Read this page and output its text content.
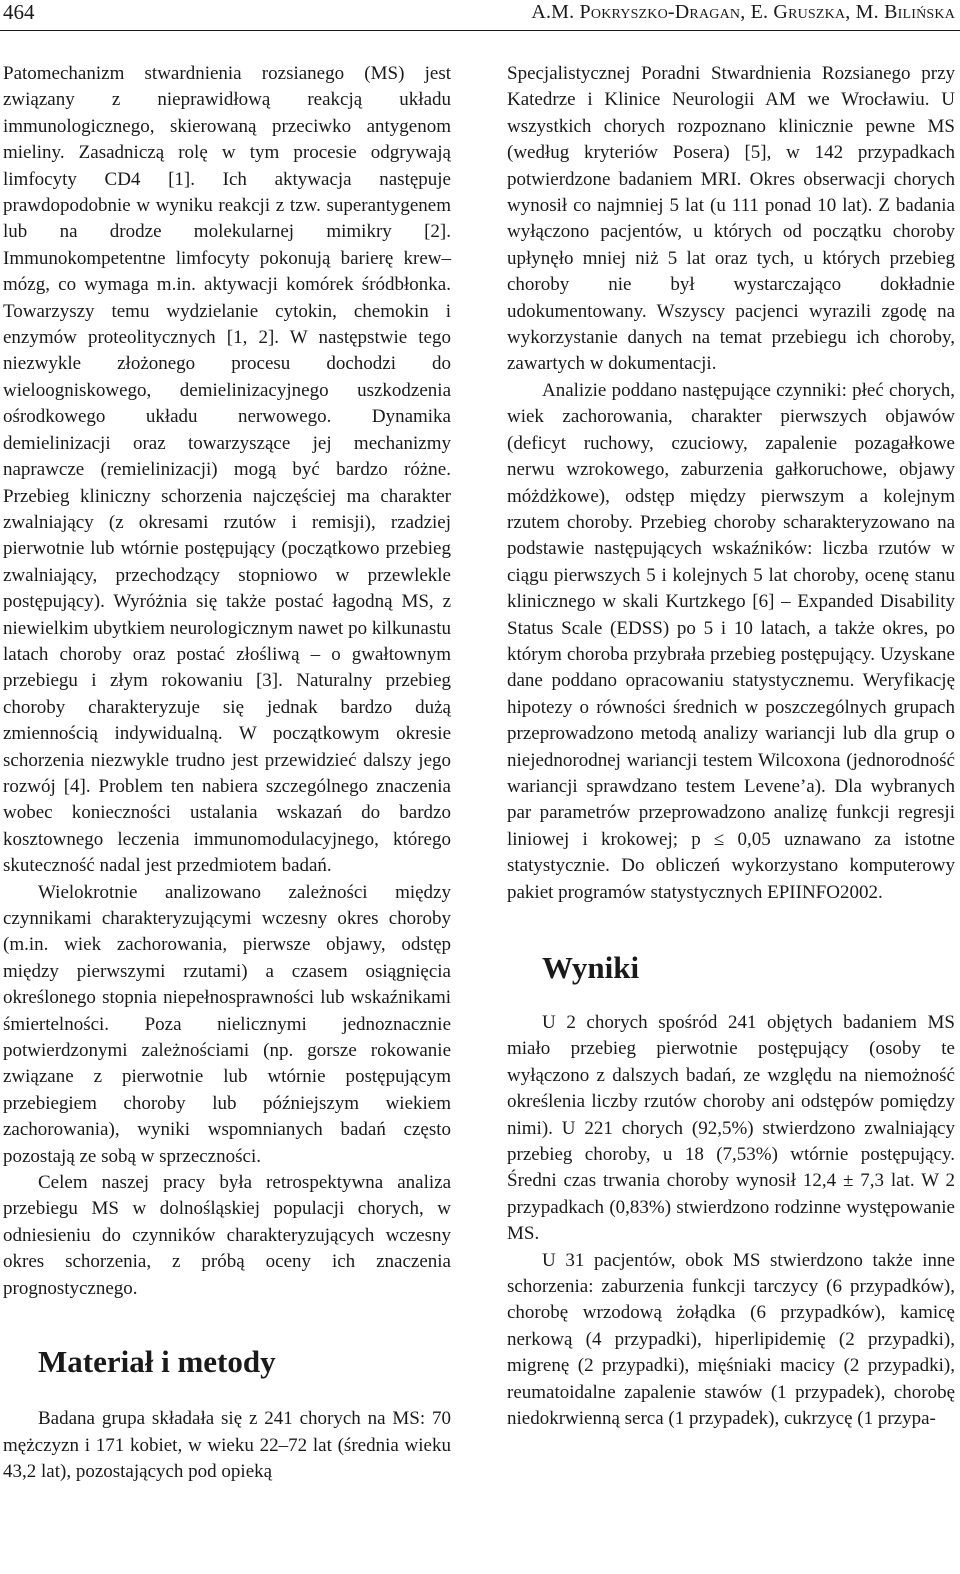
464	A.M. Pokryszko-Dragan, E. Gruszka, M. Bilińska

Patomechanizm stwardnienia rozsianego (MS) jest związany z nieprawidłową reakcją układu immunologicznego, skierowaną przeciwko antygenom mieliny. Zasadniczą rolę w tym procesie odgrywają limfocyty CD4 [1]. Ich aktywacja następuje prawdopodobnie w wyniku reakcji z tzw. superantygenem lub na drodze molekularnej mimikry [2]. Immunokompetentne limfocyty pokonują barierę krew–mózg, co wymaga m.in. aktywacji komórek śródbłonka. Towarzyszy temu wydzielanie cytokin, chemokin i enzymów proteolitycznych [1, 2]. W następstwie tego niezwykle złożonego procesu dochodzi do wieloogniskowego, demielinizacyjnego uszkodzenia ośrodkowego układu nerwowego. Dynamika demielinizacji oraz towarzyszące jej mechanizmy naprawcze (remielinizacji) mogą być bardzo różne. Przebieg kliniczny schorzenia najczęściej ma charakter zwalniający (z okresami rzutów i remisji), rzadziej pierwotnie lub wtórnie postępujący (początkowo przebieg zwalniający, przechodzący stopniowo w przewlekle postępujący). Wyróżnia się także postać łagodną MS, z niewielkim ubytkiem neurologicznym nawet po kilkunastu latach choroby oraz postać złośliwą – o gwałtownym przebiegu i złym rokowaniu [3]. Naturalny przebieg choroby charakteryzuje się jednak bardzo dużą zmiennością indywidualną. W początkowym okresie schorzenia niezwykle trudno jest przewidzieć dalszy jego rozwój [4]. Problem ten nabiera szczególnego znaczenia wobec konieczności ustalania wskazań do bardzo kosztownego leczenia immunomodulacyjnego, którego skuteczność nadal jest przedmiotem badań.

Wielokrotnie analizowano zależności między czynnikami charakteryzującymi wczesny okres choroby (m.in. wiek zachorowania, pierwsze objawy, odstęp między pierwszymi rzutami) a czasem osiągnięcia określonego stopnia niepełnosprawności lub wskaźnikami śmiertelności. Poza nielicznymi jednoznacznie potwierdzonymi zależnościami (np. gorsze rokowanie związane z pierwotnie lub wtórnie postępującym przebiegiem choroby lub późniejszym wiekiem zachorowania), wyniki wspomnianych badań często pozostają ze sobą w sprzeczności.

Celem naszej pracy była retrospektywna analiza przebiegu MS w dolnośląskiej populacji chorych, w odniesieniu do czynników charakteryzujących wczesny okres schorzenia, z próbą oceny ich znaczenia prognostycznego.

Materiał i metody

Badana grupa składała się z 241 chorych na MS: 70 mężczyzn i 171 kobiet, w wieku 22–72 lat (średnia wieku 43,2 lat), pozostających pod opieką

Specjalistycznej Poradni Stwardnienia Rozsianego przy Katedrze i Klinice Neurologii AM we Wrocławiu. U wszystkich chorych rozpoznano klinicznie pewne MS (według kryteriów Posera) [5], w 142 przypadkach potwierdzone badaniem MRI. Okres obserwacji chorych wynosił co najmniej 5 lat (u 111 ponad 10 lat). Z badania wyłączono pacjentów, u których od początku choroby upłynęło mniej niż 5 lat oraz tych, u których przebieg choroby nie był wystarczająco dokładnie udokumentowany. Wszyscy pacjenci wyrazili zgodę na wykorzystanie danych na temat przebiegu ich choroby, zawartych w dokumentacji.

Analizie poddano następujące czynniki: płeć chorych, wiek zachorowania, charakter pierwszych objawów (deficyt ruchowy, czuciowy, zapalenie pozagałkowe nerwu wzrokowego, zaburzenia gałkoruchowe, objawy móżdżkowe), odstęp między pierwszym a kolejnym rzutem choroby. Przebieg choroby scharakteryzowano na podstawie następujących wskaźników: liczba rzutów w ciągu pierwszych 5 i kolejnych 5 lat choroby, ocenę stanu klinicznego w skali Kurtzkego [6] – Expanded Disability Status Scale (EDSS) po 5 i 10 latach, a także okres, po którym choroba przybrała przebieg postępujący. Uzyskane dane poddano opracowaniu statystycznemu. Weryfikację hipotezy o równości średnich w poszczególnych grupach przeprowadzono metodą analizy wariancji lub dla grup o niejednorodnej wariancji testem Wilcoxona (jednorodność wariancji sprawdzano testem Levene’a). Dla wybranych par parametrów przeprowadzono analizę funkcji regresji liniowej i krokowej; p ≤ 0,05 uznawano za istotne statystycznie. Do obliczeń wykorzystano komputerowy pakiet programów statystycznych EPIINFO2002.

Wyniki

U 2 chorych spośród 241 objętych badaniem MS miało przebieg pierwotnie postępujący (osoby te wyłączono z dalszych badań, ze względu na niemożność określenia liczby rzutów choroby ani odstępów pomiędzy nimi). U 221 chorych (92,5%) stwierdzono zwalniający przebieg choroby, u 18 (7,53%) wtórnie postępujący. Średni czas trwania choroby wynosił 12,4 ± 7,3 lat. W 2 przypadkach (0,83%) stwierdzono rodzinne występowanie MS.

U 31 pacjentów, obok MS stwierdzono także inne schorzenia: zaburzenia funkcji tarczycy (6 przypadków), chorobę wrzodową żołądka (6 przypadków), kamicę nerkową (4 przypadki), hiperlipidemię (2 przypadki), migrenę (2 przypadki), mięśniaki macicy (2 przypadki), reumatoidalne zapalenie stawów (1 przypadek), chorobę niedokrwienną serca (1 przypadek), cukrzycę (1 przypa-
